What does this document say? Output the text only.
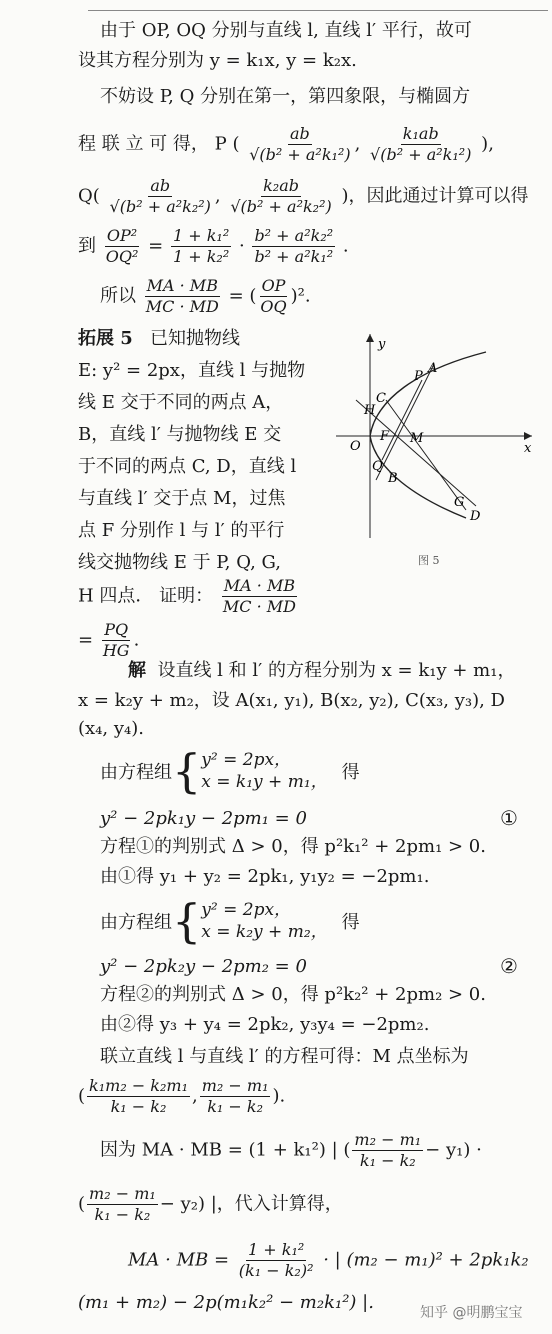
由于 OP, OQ 分别与直线 l, 直线 l′ 平行，故可
设其方程分别为 y = k₁x, y = k₂x.
不妨设 P, Q 分别在第一，第四象限，与椭圆方
程 联 立 可 得， P ( $\frac{ab}{\text{√(b² + a²k₁²)}}$ , $\frac{\text{k₁ab}}{\text{√(b² + a²k₁²)}}$ ),
$Q( \frac{ab}{\text{√(b² + a²k₂²)}}$ , $\frac{\text{k₂ab}}{\text{√(b² + a²k₂²)}}$ )，因此通过计算可以得
到 $\frac{\text{OP²}}{\text{OQ²}} = \frac{\text{1 + k₁²}}{\text{1 + k₂²}} \cdot \frac{\text{b² + a²k₂²}}{\text{b² + a²k₁²}}$ .
所以 $\frac{MA \cdot MB}{MC \cdot MD}$ = ( $\frac{OP}{OQ} )^2$.
拓展 5 已知抛物线
E: y² = 2px，直线 l 与抛物
线 E 交于不同的两点 A，
B，直线 l′ 与抛物线 E 交
于不同的两点 C, D，直线 l
与直线 l′ 交于点 M，过焦
点 F 分别作 l 与 l′ 的平行
线交抛物线 E 于 P, Q, G,
H 四点． 证明： $\frac{MA \cdot MB}{MC \cdot MD}$
= $\frac{PQ}{HG}$ .
y
x
O
A
P
C
H
F M
Q
B
G
D
图 5
解 设直线 l 和 l′ 的方程分别为 x = k₁y + m₁，
x = k₂y + m₂，设 A(x₁, y₁), B(x₂, y₂), C(x₃, y₃), D
(x₄, y₄).
由方程组 { y² = 2px，
x = k₁y + m₁， 得
y² − 2pk₁y − 2pm₁ = 0	①
方程①的判别式 Δ > 0，得 p²k₁² + 2pm₁ > 0.
由①得 y₁ + y₂ = 2pk₁, y₁y₂ = −2pm₁.
由方程组 { y² = 2px，
x = k₂y + m₂， 得
y² − 2pk₂y − 2pm₂ = 0	②
方程②的判别式 Δ > 0，得 p²k₂² + 2pm₂ > 0.
由②得 y₃ + y₄ = 2pk₂, y₃y₄ = −2pm₂.
联立直线 l 与直线 l′ 的方程可得：M 点坐标为
( $\frac{\text{k₁m₂ − k₂m₁}}{\text{k₁ − k₂}}$ , $\frac{\text{m₂ − m₁}}{\text{k₁ − k₂}}$ ).
因为 MA · MB = (1 + k₁²) | ( $\frac{\text{m₂ − m₁}}{\text{k₁ − k₂}} - y_1$) ·
( $\frac{\text{m₂ − m₁}}{\text{k₁ − k₂}} - y_2$) |，代入计算得，
MA · MB = $\frac{\text{1 + k₁²}}{\text{(k₁ − k₂)²}}$ · | (m₂ − m₁)² + 2pk₁k₂
(m₁ + m₂) − 2p(m₁k₂² − m₂k₁²) |.	知乎 @明鹏宝宝
